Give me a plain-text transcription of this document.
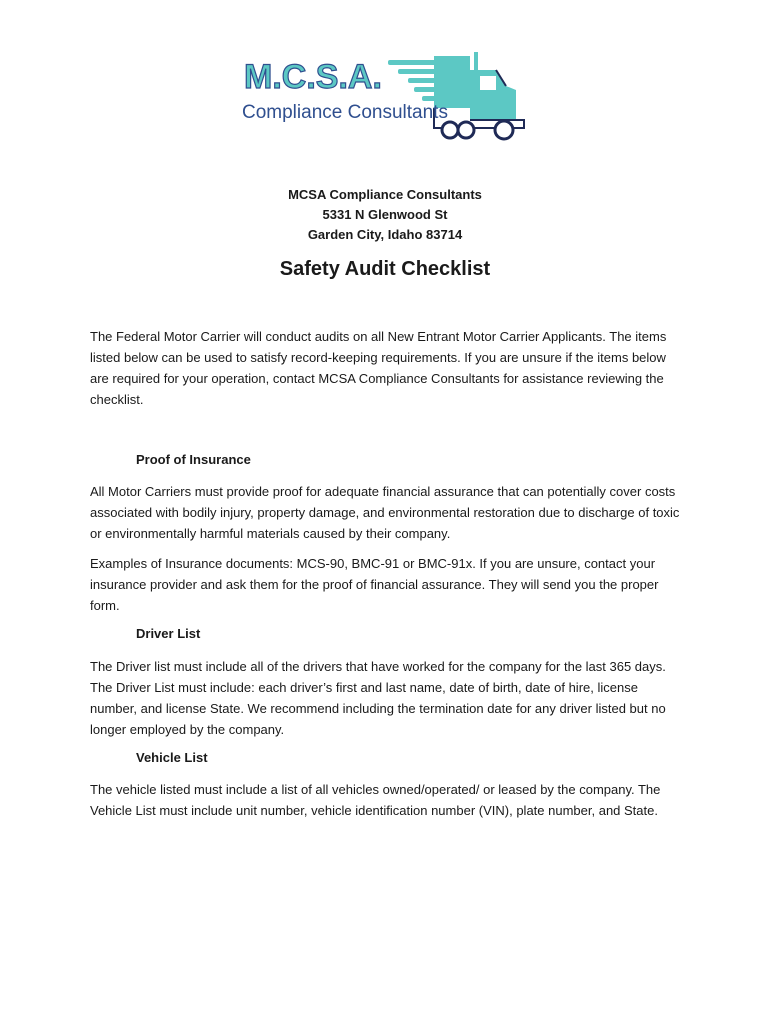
M.C.S.A.
Compliance Consultants
MCSA Compliance Consultants
5331 N Glenwood St
Garden City, Idaho 83714
Safety Audit Checklist

The Federal Motor Carrier will conduct audits on all New Entrant Motor Carrier Applicants. The items listed below can be used to satisfy record-keeping requirements. If you are unsure if the items below are required for your operation, contact MCSA Compliance Consultants for assistance reviewing the checklist.

Proof of Insurance

All Motor Carriers must provide proof for adequate financial assurance that can potentially cover costs associated with bodily injury, property damage, and environmental restoration due to discharge of toxic or environmentally harmful materials caused by their company.

Examples of Insurance documents: MCS-90, BMC-91 or BMC-91x. If you are unsure, contact your insurance provider and ask them for the proof of financial assurance. They will send you the proper form.

Driver List

The Driver list must include all of the drivers that have worked for the company for the last 365 days. The Driver List must include: each driver’s first and last name, date of birth, date of hire, license number, and license State. We recommend including the termination date for any driver listed but no longer employed by the company.

Vehicle List

The vehicle listed must include a list of all vehicles owned/operated/ or leased by the company. The Vehicle List must include unit number, vehicle identification number (VIN), plate number, and State.
